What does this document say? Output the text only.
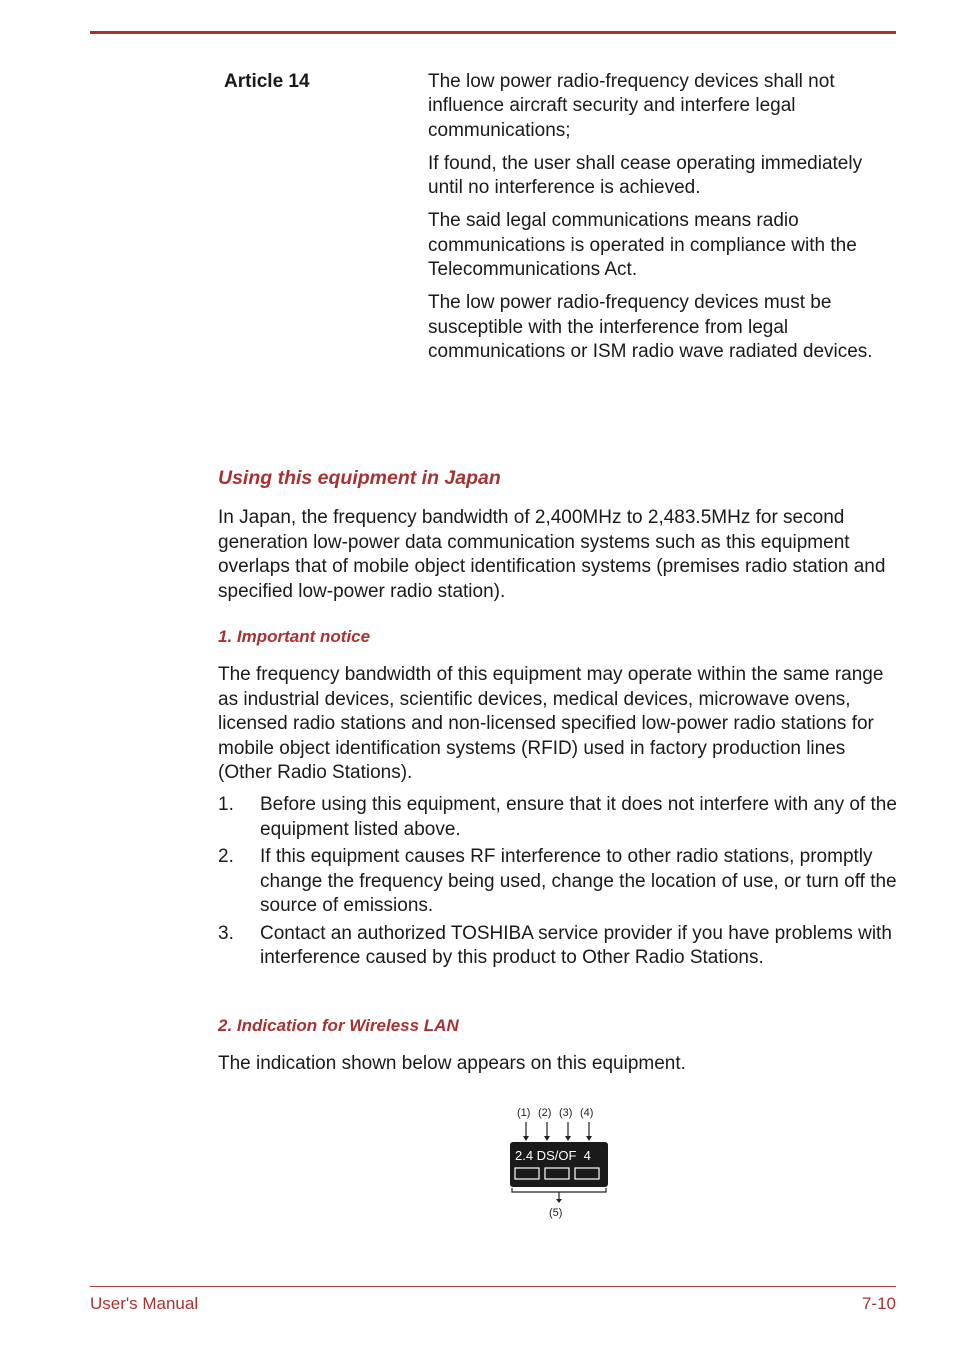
Article 14	The low power radio-frequency devices shall not influence aircraft security and interfere legal communications;

If found, the user shall cease operating immediately until no interference is achieved.

The said legal communications means radio communications is operated in compliance with the Telecommunications Act.

The low power radio-frequency devices must be susceptible with the interference from legal communications or ISM radio wave radiated devices.

Using this equipment in Japan

In Japan, the frequency bandwidth of 2,400MHz to 2,483.5MHz for second generation low-power data communication systems such as this equipment overlaps that of mobile object identification systems (premises radio station and specified low-power radio station).

1. Important notice

The frequency bandwidth of this equipment may operate within the same range as industrial devices, scientific devices, medical devices, microwave ovens, licensed radio stations and non-licensed specified low-power radio stations for mobile object identification systems (RFID) used in factory production lines (Other Radio Stations).

1. Before using this equipment, ensure that it does not interfere with any of the equipment listed above.
2. If this equipment causes RF interference to other radio stations, promptly change the frequency being used, change the location of use, or turn off the source of emissions.
3. Contact an authorized TOSHIBA service provider if you have problems with interference caused by this product to Other Radio Stations.
2. Indication for Wireless LAN

The indication shown below appears on this equipment.

(1) (2) (3) (4)
2.4 DS/OF  4
(5)
User's Manual	7-10
